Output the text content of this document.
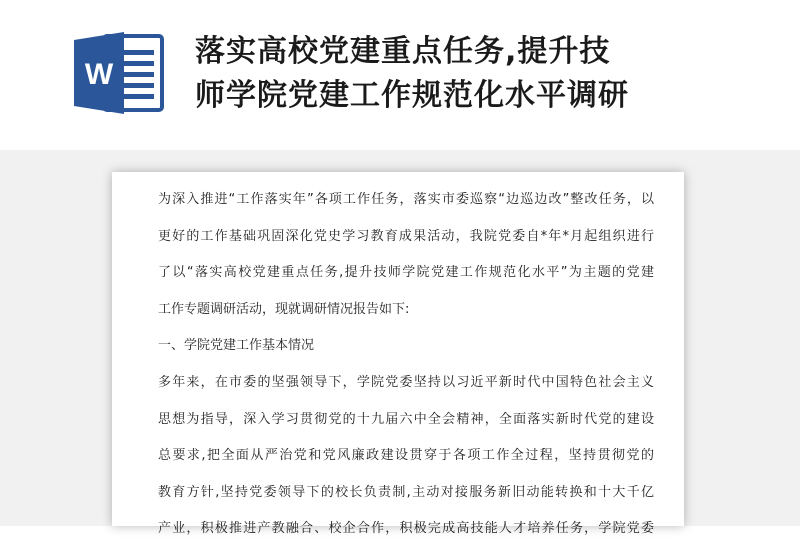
W
落实高校党建重点任务,提升技
师学院党建工作规范化水平调研
为深入推进“工作落实年”各项工作任务，落实市委巡察“边巡边改”整改任务，以
更好的工作基础巩固深化党史学习教育成果活动，我院党委自*年*月起组织进行
了以“落实高校党建重点任务,提升技师学院党建工作规范化水平”为主题的党建
工作专题调研活动，现就调研情况报告如下:
一、学院党建工作基本情况
多年来，在市委的坚强领导下，学院党委坚持以习近平新时代中国特色社会主义
思想为指导，深入学习贯彻党的十九届六中全会精神，全面落实新时代党的建设
总要求,把全面从严治党和党风廉政建设贯穿于各项工作全过程，坚持贯彻党的
教育方针,坚持党委领导下的校长负责制,主动对接服务新旧动能转换和十大千亿
产业，积极推进产教融合、校企合作，积极完成高技能人才培养任务，学院党委
